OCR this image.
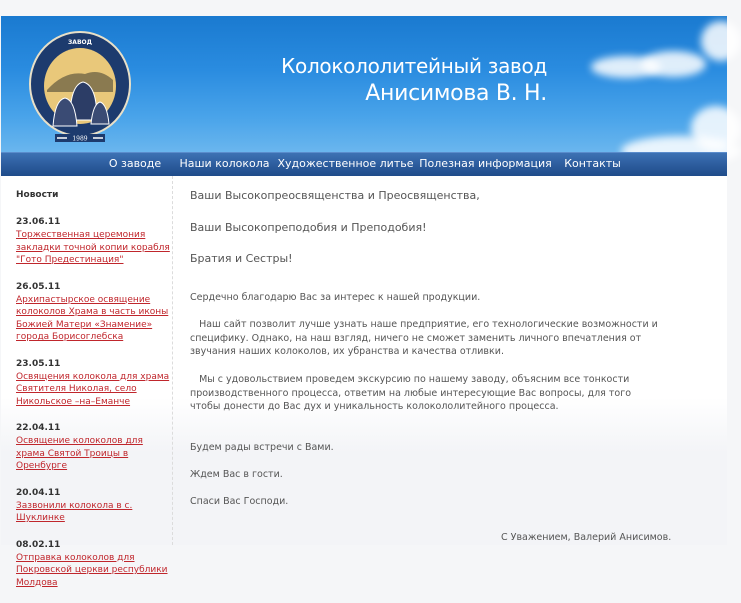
ЗАВОД
1989
Колокололитейный завод
Анисимова В. Н.
О заводе	Наши колокола Художественное литье Полезная информация	Контакты
Новости
23.06.11
Торжественная церемония закладки точной копии корабля "Гото Предестинация"
26.05.11
Архипастырское освящение колоколов Храма в часть иконы Божией Матери «Знамение» города Борисоглебска
23.05.11
Освящения колокола для храма Святителя Николая, село Никольское –на–Еманче
22.04.11
Освящение колоколов для храма Святой Троицы в Оренбурге
20.04.11
Зазвонили колокола в с. Шуклинке
08.02.11
Отправка колоколов для Покровской церкви республики Молдова
Ваши Высокопреосвященства и Преосвященства,
Ваши Высокопреподобия и Преподобия!
Братия и Сестры!
Сердечно благодарю Вас за интерес к нашей продукции.
Наш сайт позволит лучше узнать наше предприятие, его технологические возможности и специфику. Однако, на наш взгляд, ничего не сможет заменить личного впечатления от звучания наших колоколов, их убранства и качества отливки.
Мы с удовольствием проведем экскурсию по нашему заводу, объясним все тонкости производственного процесса, ответим на любые интересующие Вас вопросы, для того чтобы донести до Вас дух и уникальность колокололитейного процесса.
Будем рады встречи с Вами.
Ждем Вас в гости.
Спаси Вас Господи.
С Уважением, Валерий Анисимов.
